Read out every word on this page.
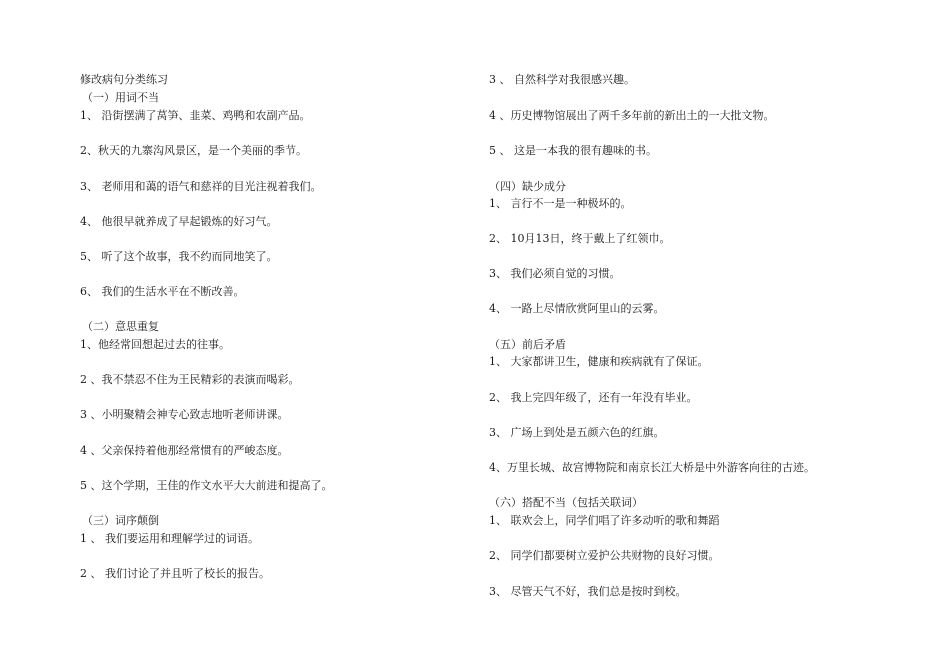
修改病句分类练习
（一）用词不当
1、 沿街摆满了莴笋、韭菜、鸡鸭和农副产品。
2、秋天的九寨沟风景区，是一个美丽的季节。
3、 老师用和蔼的语气和慈祥的目光注视着我们。
4、 他很早就养成了早起锻炼的好习气。
5、 听了这个故事，我不约而同地笑了。
6、 我们的生活水平在不断改善。
（二）意思重复
1、他经常回想起过去的往事。
2 、我不禁忍不住为王民精彩的表演而喝彩。
3 、小明聚精会神专心致志地听老师讲课。
4 、父亲保持着他那经常惯有的严峻态度。
5 、这个学期，王佳的作文水平大大前进和提高了。
（三）词序颠倒
1 、 我们要运用和理解学过的词语。
2 、 我们讨论了并且听了校长的报告。
3 、 自然科学对我很感兴趣。
4 、历史博物馆展出了两千多年前的新出土的一大批文物。
5 、 这是一本我的很有趣味的书。
（四）缺少成分
1、 言行不一是一种极坏的。
2、 10月13日，终于戴上了红领巾。
3、 我们必须自觉的习惯。
4、 一路上尽情欣赏阿里山的云雾。
（五）前后矛盾
1、 大家都讲卫生，健康和疾病就有了保证。
2、 我上完四年级了，还有一年没有毕业。
3、 广场上到处是五颜六色的红旗。
4、万里长城、故宫博物院和南京长江大桥是中外游客向往的古迹。
（六）搭配不当（包括关联词）
1、 联欢会上，同学们唱了许多动听的歌和舞蹈
2、 同学们都要树立爱护公共财物的良好习惯。
3、 尽管天气不好，我们总是按时到校。
